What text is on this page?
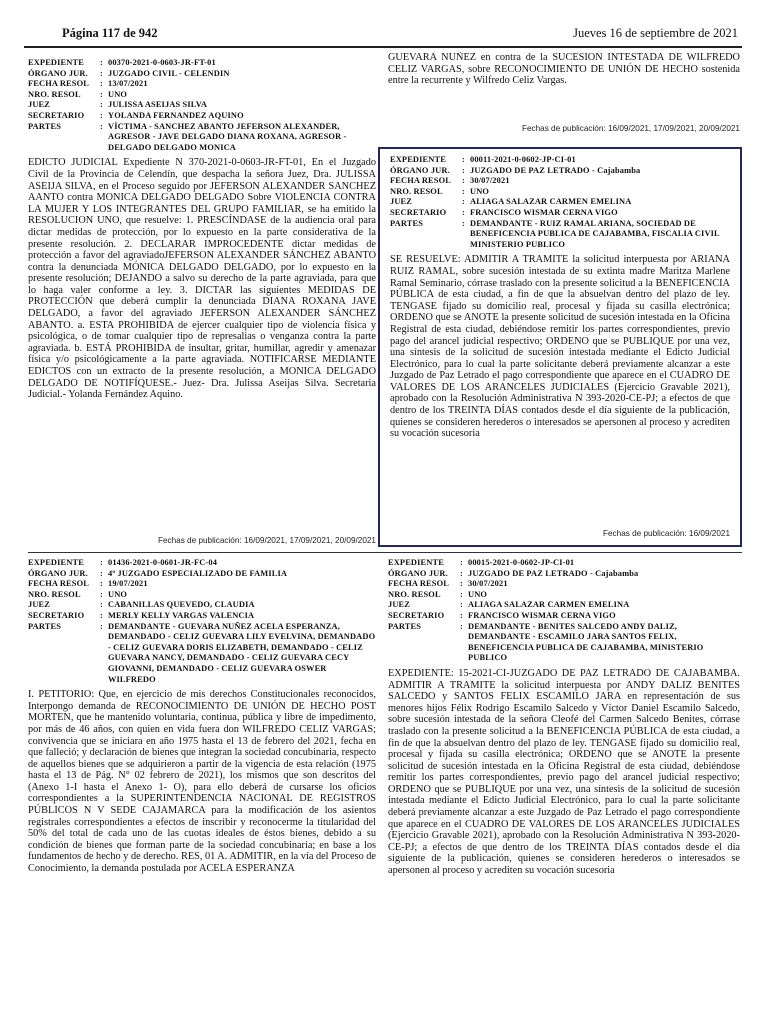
Página 117 de 942	Jueves 16 de septiembre de 2021
EXPEDIENTE	: 00370-2021-0-0603-JR-FT-01
ÓRGANO JUR.	: JUZGADO CIVIL - CELENDIN
FECHA RESOL	: 13/07/2021
NRO. RESOL	: UNO
JUEZ	: JULISSA ASEIJAS SILVA
SECRETARIO	: YOLANDA FERNANDEZ AQUINO
PARTES	: VÍCTIMA - SANCHEZ ABANTO JEFERSON ALEXANDER, AGRESOR - JAVE DELGADO DIANA ROXANA, AGRESOR - DELGADO DELGADO MONICA

EDICTO JUDICIAL Expediente N 370-2021-0-0603-JR-FT-01, En el Juzgado Civil de la Provincia de Celendín, que despacha la señora Juez, Dra. JULISSA ASEIJA SILVA, en el Proceso seguido por JEFERSON ALEXANDER SANCHEZ AANTO contra MONICA DELGADO DELGADO Sobre VIOLENCIA CONTRA LA MUJER Y LOS INTEGRANTES DEL GRUPO FAMILIAR, se ha emitido la RESOLUCION UNO, que resuelve: 1. PRESCÍNDASE de la audiencia oral para dictar medidas de protección, por lo expuesto en la parte considerativa de la presente resolución. 2. DECLARAR IMPROCEDENTE dictar medidas de protección a favor del agraviadoJEFERSON ALEXANDER SÁNCHEZ ABANTO contra la denunciada MÓNICA DELGADO DELGADO, por lo expuesto en la presente resolución; DEJANDO a salvo su derecho de la parte agraviada, para que lo haga valer conforme a ley. 3. DICTAR las siguientes MEDIDAS DE PROTECCIÓN que deberá cumplir la denunciada DIANA ROXANA JAVE DELGADO, a favor del agraviado JEFERSON ALEXANDER SÁNCHEZ ABANTO. a. ESTA PROHIBIDA de ejercer cualquier tipo de violencia física y psicológica, o de tomar cualquier tipo de represalias o venganza contra la parte agraviada. b. ESTÁ PROHIBIDA de insultar, gritar, humillar, agredir y amenazar física y/o psicológicamente a la parte agraviada. NOTIFICARSE MEDIANTE EDICTOS con un extracto de la presente resolución, a MONICA DELGADO DELGADO DE NOTIFÍQUESE.- Juez- Dra. Julissa Aseijas Silva. Secretaria Judicial.- Yolanda Fernández Aquino.

Fechas de publicación: 16/09/2021, 17/09/2021, 20/09/2021

GUEVARA NUÑEZ en contra de la SUCESION INTESTADA DE WILFREDO CELIZ VARGAS, sobre RECONOCIMIENTO DE UNIÓN DE HECHO sostenida entre la recurrente y Wilfredo Celiz Vargas.

Fechas de publicación: 16/09/2021, 17/09/2021, 20/09/2021
EXPEDIENTE	: 00011-2021-0-0602-JP-CI-01
ÓRGANO JUR.	: JUZGADO DE PAZ LETRADO - Cajabamba
FECHA RESOL	: 30/07/2021
NRO. RESOL	: UNO
JUEZ	: ALIAGA SALAZAR CARMEN EMELINA
SECRETARIO	: FRANCISCO WISMAR CERNA VIGO
PARTES	: DEMANDANTE - RUIZ RAMAL ARIANA, SOCIEDAD DE BENEFICENCIA PUBLICA DE CAJABAMBA, FISCALIA CIVIL MINISTERIO PUBLICO

SE RESUELVE: ADMITIR A TRAMITE la solicitud interpuesta por ARIANA RUIZ RAMAL, sobre sucesión intestada de su extinta madre Maritza Marlene Ramal Seminario, córrase traslado con la presente solicitud a la BENEFICENCIA PÚBLICA de esta ciudad, a fin de que la absuelvan dentro del plazo de ley. TENGASE fijado su domicilio real, procesal y fijada su casilla electrónica; ORDENO que se ANOTE la presente solicitud de sucesión intestada en la Oficina Registral de esta ciudad, debiéndose remitir los partes correspondientes, previo pago del arancel judicial respectivo; ORDENO que se PUBLIQUE por una vez, una síntesis de la solicitud de sucesión intestada mediante el Edicto Judicial Electrónico, para lo cual la parte solicitante deberá previamente alcanzar a este Juzgado de Paz Letrado el pago correspondiente que aparece en el CUADRO DE VALORES DE LOS ARANCELES JUDICIALES (Ejercicio Gravable 2021), aprobado con la Resolución Administrativa N 393-2020-CE-PJ; a efectos de que dentro de los TREINTA DÍAS contados desde el día siguiente de la publicación, quienes se consideren herederos o interesados se apersonen al proceso y acrediten su vocación sucesoria

Fechas de publicación: 16/09/2021
EXPEDIENTE	: 01436-2021-0-0601-JR-FC-04
ÓRGANO JUR.	: 4º JUZGADO ESPECIALIZADO DE FAMILIA
FECHA RESOL	: 19/07/2021
NRO. RESOL	: UNO
JUEZ	: CABANILLAS QUEVEDO, CLAUDIA
SECRETARIO	: MERLY KELLY VARGAS VALENCIA
PARTES	: DEMANDANTE - GUEVARA NUÑEZ ACELA ESPERANZA, DEMANDADO - CELIZ GUEVARA LILY EVELVINA, DEMANDADO - CELIZ GUEVARA DORIS ELIZABETH, DEMANDADO - CELIZ GUEVARA NANCY, DEMANDADO - CELIZ GUEVARA CECY GIOVANNI, DEMANDADO - CELIZ GUEVARA OSWER WILFREDO

I. PETITORIO: Que, en ejercicio de mis derechos Constitucionales reconocidos, Interpongo demanda de RECONOCIMIENTO DE UNIÓN DE HECHO POST MORTEN, que he mantenido voluntaria, continua, pública y libre de impedimento, por más de 46 años, con quien en vida fuera don WILFREDO CELIZ VARGAS; convivencia que se iniciara en año 1975 hasta el 13 de febrero del 2021, fecha en que falleció; y declaración de bienes que integran la sociedad concubinaria, respecto de aquellos bienes que se adquirieron a partir de la vigencia de esta relación (1975 hasta el 13 de Pág. N° 02 febrero de 2021), los mismos que son descritos del (Anexo 1-I hasta el Anexo 1- O), para ello deberá de cursarse los oficios correspondientes a la SUPERINTENDENCIA NACIONAL DE REGISTROS PÚBLICOS N V SEDE CAJAMARCA para la modificación de los asientos registrales correspondientes a efectos de inscribir y reconocerme la titularidad del 50% del total de cada uno de las cuotas ideales de éstos bienes, debido a su condición de bienes que forman parte de la sociedad concubinaria; en base a los fundamentos de hecho y de derecho. RES, 01 A. ADMITIR, en la vía del Proceso de Conocimiento, la demanda postulada por ACELA ESPERANZA

EXPEDIENTE	: 00015-2021-0-0602-JP-CI-01
ÓRGANO JUR.	: JUZGADO DE PAZ LETRADO - Cajabamba
FECHA RESOL	: 30/07/2021
NRO. RESOL	: UNO
JUEZ	: ALIAGA SALAZAR CARMEN EMELINA
SECRETARIO	: FRANCISCO WISMAR CERNA VIGO
PARTES	: DEMANDANTE - BENITES SALCEDO ANDY DALIZ, DEMANDANTE - ESCAMILO JARA SANTOS FELIX, BENEFICENCIA PUBLICA DE CAJABAMBA, MINISTERIO PUBLICO

EXPEDIENTE: 15-2021-CI-JUZGADO DE PAZ LETRADO DE CAJABAMBA. ADMITIR A TRAMITE la solicitud interpuesta por ANDY DALIZ BENITES SALCEDO y SANTOS FELIX ESCAMILO JARA en representación de sus menores hijos Félix Rodrigo Escamilo Salcedo y Víctor Daniel Escamilo Salcedo, sobre sucesión intestada de la señora Cleofé del Carmen Salcedo Benites, córrase traslado con la presente solicitud a la BENEFICENCIA PÚBLICA de esta ciudad, a fin de que la absuelvan dentro del plazo de ley. TENGASE fijado su domicilio real, procesal y fijada su casilla electrónica; ORDENO que se ANOTE la presente solicitud de sucesión intestada en la Oficina Registral de esta ciudad, debiéndose remitir los partes correspondientes, previo pago del arancel judicial respectivo; ORDENO que se PUBLIQUE por una vez, una síntesis de la solicitud de sucesión intestada mediante el Edicto Judicial Electrónico, para lo cual la parte solicitante deberá previamente alcanzar a este Juzgado de Paz Letrado el pago correspondiente que aparece en el CUADRO DE VALORES DE LOS ARANCELES JUDICIALES (Ejercicio Gravable 2021), aprobado con la Resolución Administrativa N 393-2020-CE-PJ; a efectos de que dentro de los TREINTA DÍAS contados desde el día siguiente de la publicación, quienes se consideren herederos o interesados se apersonen al proceso y acrediten su vocación sucesoria
